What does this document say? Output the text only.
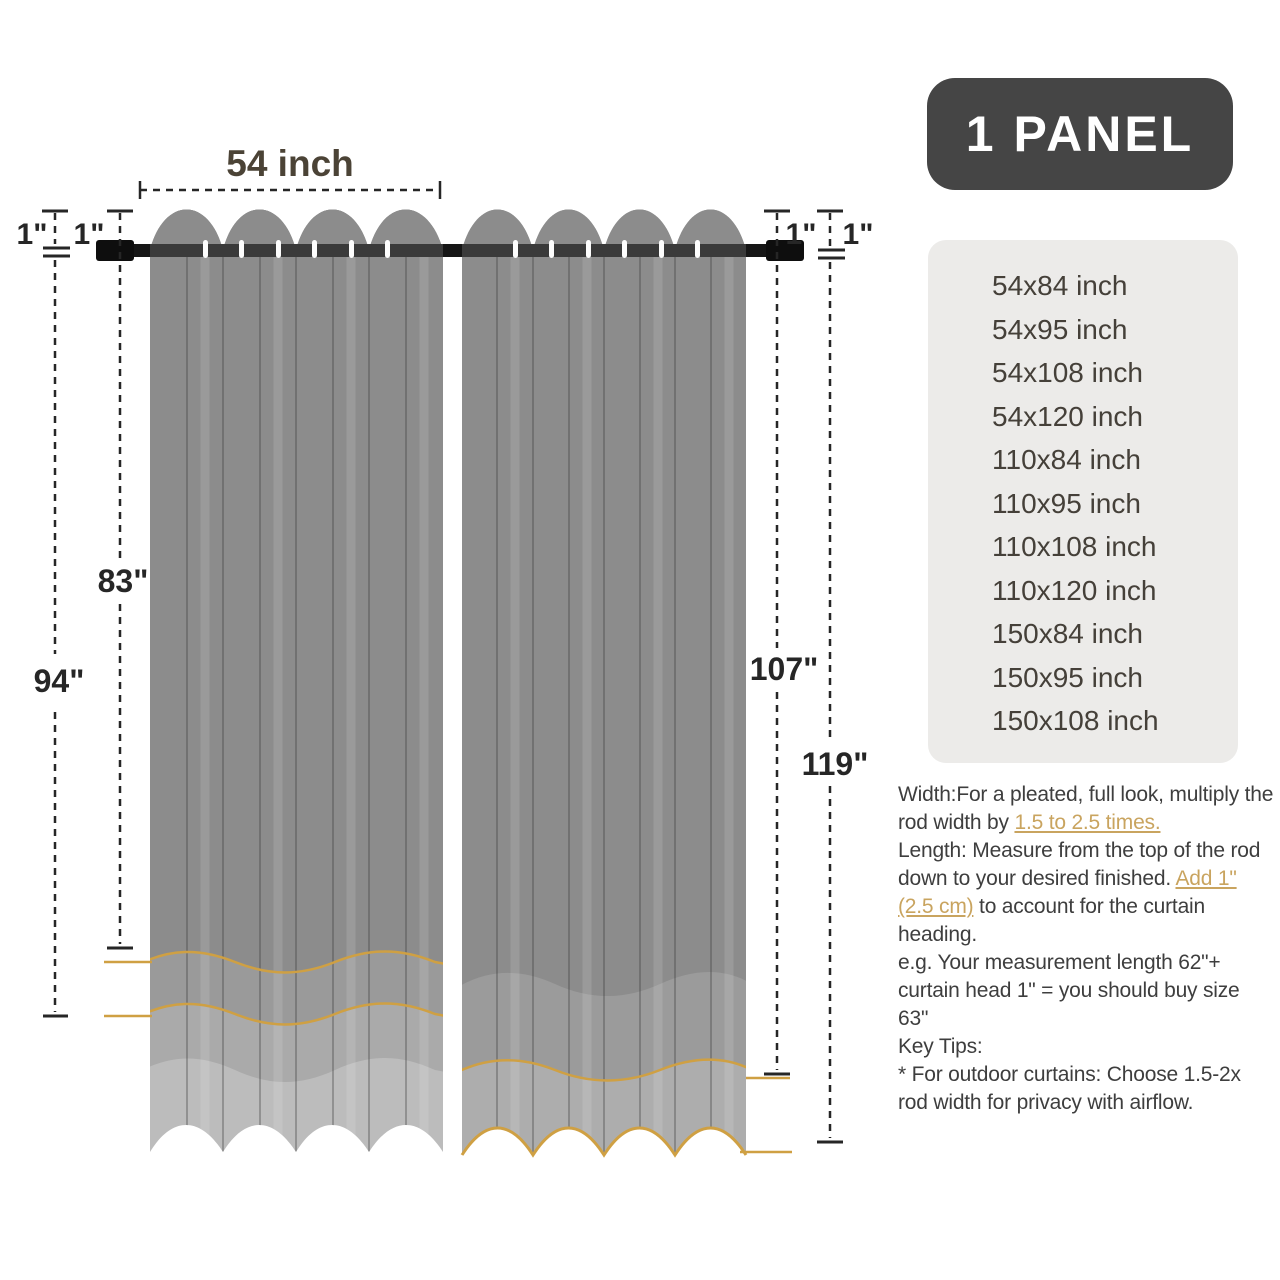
54 inch
1" 1"	1" 1"
83"
94"	107"
119"
1 PANEL
54x84 inch
54x95 inch
54x108 inch
54x120 inch
110x84 inch
110x95 inch
110x108 inch
110x120 inch
150x84 inch
150x95 inch
150x108 inch

Width:For a pleated, full look, multiply the rod width by 1.5 to 2.5 times.

Length: Measure from the top of the rod down to your desired finished. Add 1" (2.5 cm) to account for the curtain heading.

e.g. Your measurement length 62"+ curtain head 1" = you should buy size 63"
Key Tips:
* For outdoor curtains: Choose 1.5-2x rod width for privacy with airflow.
